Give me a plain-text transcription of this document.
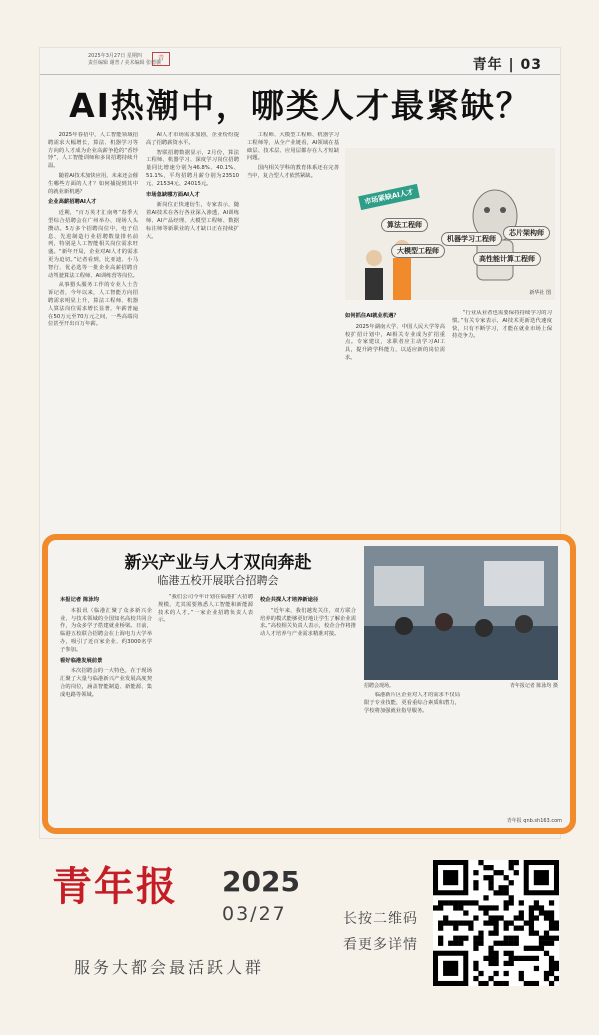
2025年3月27日 星期四
责任编辑 谢普 / 美术编辑 张德骥
青	青年 | 03
AI热潮中，哪类人才最紧缺？

2025年春招中，人工智能领域招聘需求大幅增长，算法、机器学习等方向的人才成为企业高薪争抢的“香饽饽”，人工智能训师和多岗招聘持续升温。

随着AI技术加快应用，未来还会催生哪些方面的人才？如何捕捉到其中的就业新机遇？

企业高薪招聘AI人才

近期，“百万英才汇南粤”春季大型综合招聘会在广州举办，现场人头攒动。5万多个招聘岗位中，电子信息、先进制造行业招聘数量排名前列，特别是人工智能相关岗位需求旺盛。“新年开局，企业对AI人才的需求更为迫切。”记者看到，比亚迪、小马智行、优必选等一批企业高薪招聘自动驾驶算法工程师、AI训练营等岗位。

从事猎头服务工作的专业人士告诉记者，今年以来，人工智能方向招聘需求明显上升，算法工程师、机器人算法岗位需求增长显著，年薪普遍在50万元至70万元之间，一些高端岗位甚至开出百万年薪。

AI人才市场需求加剧，企业纷纷提高了招聘薪资水平。

智联招聘数据显示，2月份，算法工程师、机器学习、深度学习岗位招聘量同比增速分别为46.8%、40.1%、51.1%，平均招聘月薪分别为23510元、21534元、24015元。

市场急缺哪方面AI人才

新岗位正快速衍生，专家表示，随着AI技术在各行各业深入渗透，AI训练师、AI产品经理、大模型工程师、数据标注师等新职业的人才缺口正在持续扩大。

工程师、大模型工程师、机器学习工程师等，从全产业链看，AI领域在基础层、技术层、应用层都存在人才短缺问题。

国内相关学科的教育体系还在完善当中，复合型人才依然紧缺。

市场紧缺AI人才
算法工程师
机器学习工程师
芯片架构师
大模型工程师
高性能计算工程师
新华社 图
如何抓住AI就业机遇？

2025年湖南大学、中国人民大学等高校扩招计划中，AI相关专业成为扩招重点。专家建议，求职者应主动学习AI工具，提升跨学科能力，以适应新的岗位需求。

“行业从业者也需要保持持续学习的习惯。”有关专家表示，AI技术更新迭代速度快，只有不断学习，才能在就业市场上保持竞争力。

新兴产业与人才双向奔赴
临港五校开展联合招聘会
本报记者 陈泳均

本报讯（临港汇聚了众多新兴企业，与技术领域的全国知名高校共同合作，为众多学子搭建就业桥梁。日前，临港五校联合招聘会在上海电力大学举办，吸引了近百家企业、约3000名学子参加。

看好临港发展前景

本次招聘会的一大特色，在于现场汇聚了大量与临港新兴产业发展高度契合的岗位，涵盖智能制造、新能源、集成电路等领域。

“我们公司今年计划在临港扩大招聘规模，尤其需要熟悉人工智能和新能源技术的人才。”一家企业招聘负责人表示。

校企共探人才培养新途径

“近年来，我们越发关注，双方联合培养的模式能够更好地让学生了解企业需求。”高校相关负责人表示，校企合作将推动人才培养与产业需求精准对接。

招聘会现场。	青年报记者 陈泳均 摄

临港新片区企业对人才的需求不仅局限于专业技能，更看重综合素质和潜力，学校将加强就业指导服务。

青年报 qnb.sh163.com
青年报 2025
03/27
服务大都会最活跃人群
长按二维码
看更多详情
